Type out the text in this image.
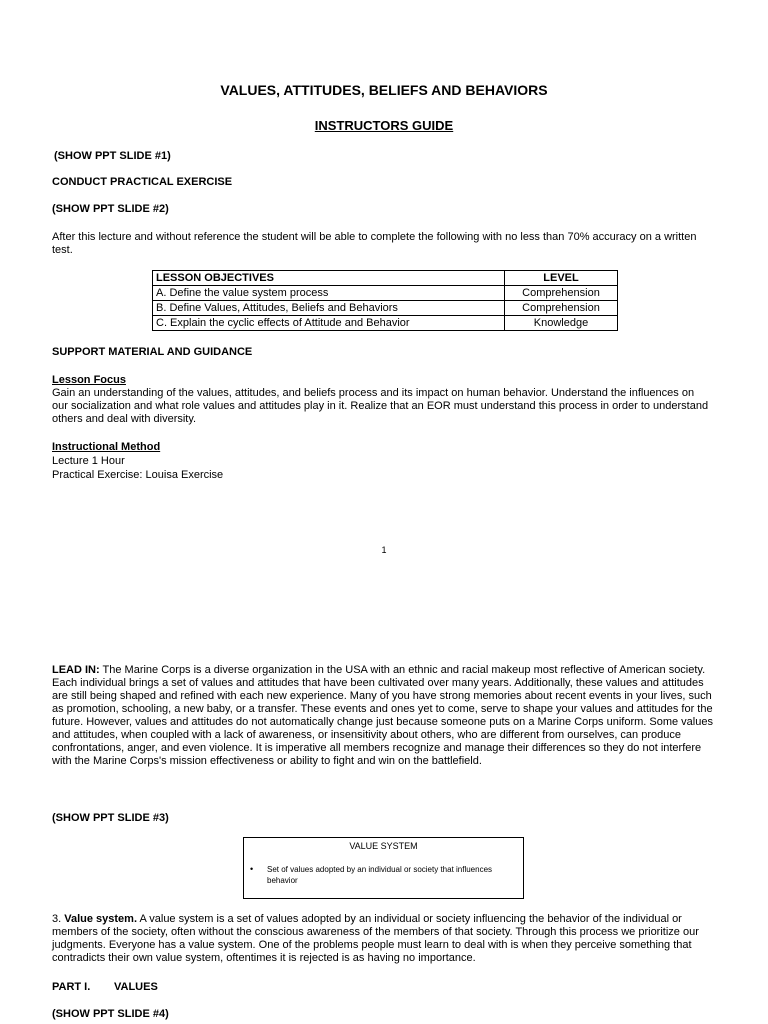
VALUES, ATTITUDES, BELIEFS AND BEHAVIORS
INSTRUCTORS GUIDE
(SHOW PPT SLIDE #1)
CONDUCT PRACTICAL EXERCISE
(SHOW PPT SLIDE #2)
After this lecture and without reference the student will be able to complete the following with no less than 70% accuracy on a written test.
LESSON OBJECTIVES	LEVEL
A. Define the value system process	Comprehension
B. Define Values, Attitudes, Beliefs and Behaviors	Comprehension
C. Explain the cyclic effects of Attitude and Behavior	Knowledge
SUPPORT MATERIAL AND GUIDANCE
Lesson Focus
Gain an understanding of the values, attitudes, and beliefs process and its impact on human behavior. Understand the influences on our socialization and what role values and attitudes play in it. Realize that an EOR must understand this process in order to understand others and deal with diversity.
Instructional Method
Lecture 1 Hour
Practical Exercise: Louisa Exercise
1
LEAD IN: The Marine Corps is a diverse organization in the USA with an ethnic and racial makeup most reflective of American society. Each individual brings a set of values and attitudes that have been cultivated over many years. Additionally, these values and attitudes are still being shaped and refined with each new experience. Many of you have strong memories about recent events in your lives, such as promotion, schooling, a new baby, or a transfer. These events and ones yet to come, serve to shape your values and attitudes for the future. However, values and attitudes do not automatically change just because someone puts on a Marine Corps uniform. Some values and attitudes, when coupled with a lack of awareness, or insensitivity about others, who are different from ourselves, can produce confrontations, anger, and even violence. It is imperative all members recognize and manage their differences so they do not interfere with the Marine Corps's mission effectiveness or ability to fight and win on the battlefield.
(SHOW PPT SLIDE #3)
VALUE SYSTEM
• Set of values adopted by an individual or society that influences behavior
3. Value system. A value system is a set of values adopted by an individual or society influencing the behavior of the individual or members of the society, often without the conscious awareness of the members of that society. Through this process we prioritize our judgments. Everyone has a value system. One of the problems people must learn to deal with is when they perceive something that contradicts their own value system, oftentimes it is rejected is as having no importance.
PART I. VALUES
(SHOW PPT SLIDE #4)
